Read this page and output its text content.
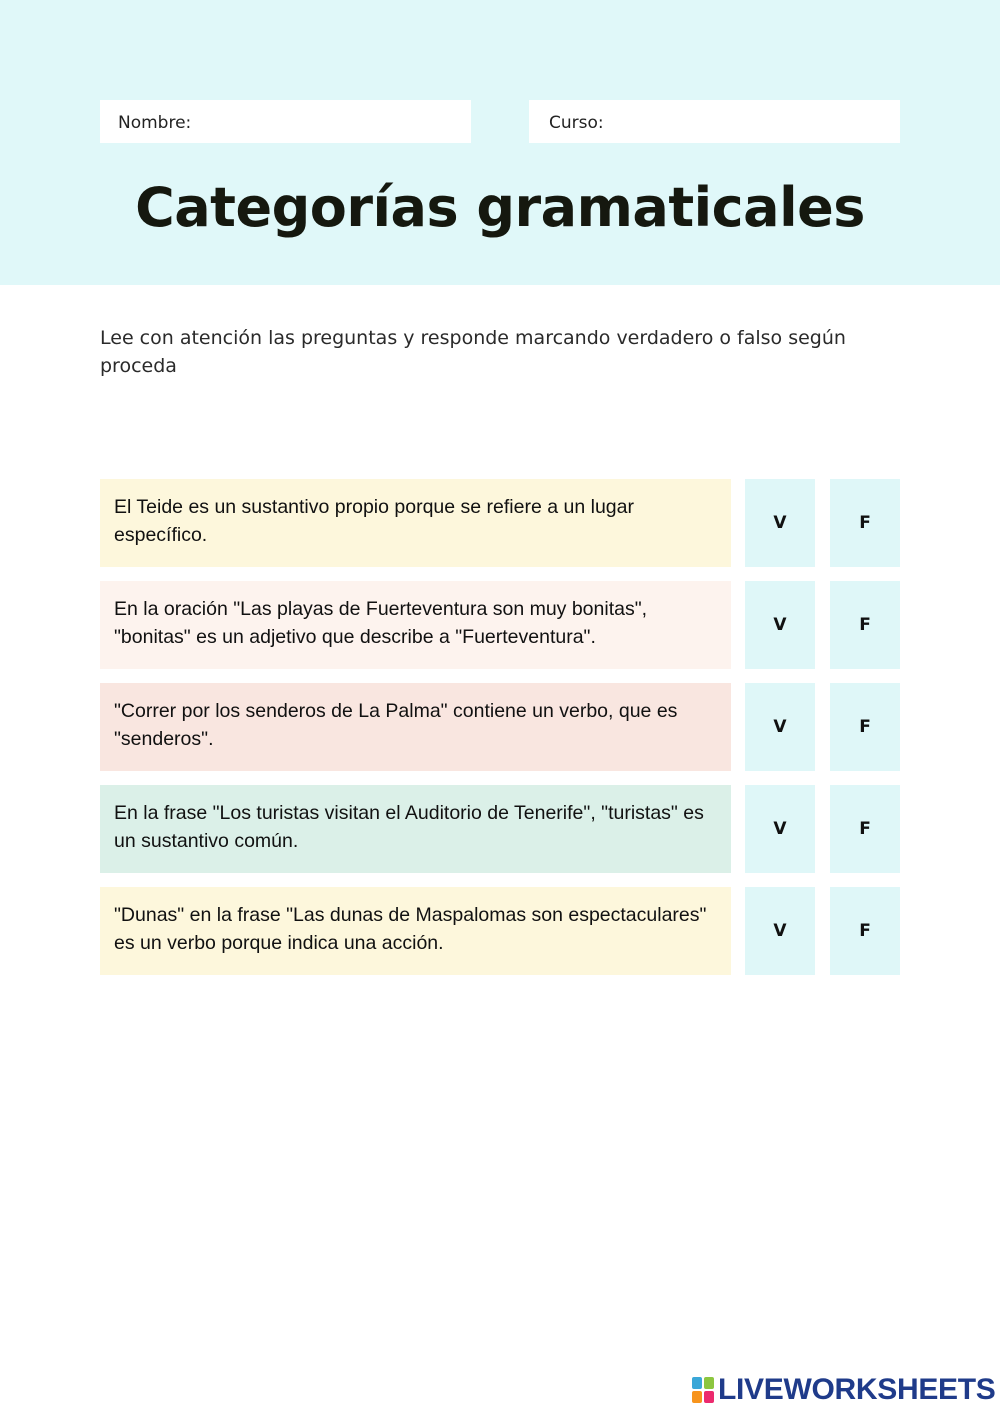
Nombre:	Curso:
Categorías gramaticales
Lee con atención las preguntas y responde marcando verdadero o falso según proceda
El Teide es un sustantivo propio porque se refiere a un lugar específico.
V	F
En la oración "Las playas de Fuerteventura son muy bonitas", "bonitas" es un adjetivo que describe a "Fuerteventura".
V	F
"Correr por los senderos de La Palma" contiene un verbo, que es "senderos".
V	F
En la frase "Los turistas visitan el Auditorio de Tenerife", "turistas" es un sustantivo común.
V	F
"Dunas" en la frase "Las dunas de Maspalomas son espectaculares" es un verbo porque indica una acción.
V	F
LIVEWORKSHEETS
